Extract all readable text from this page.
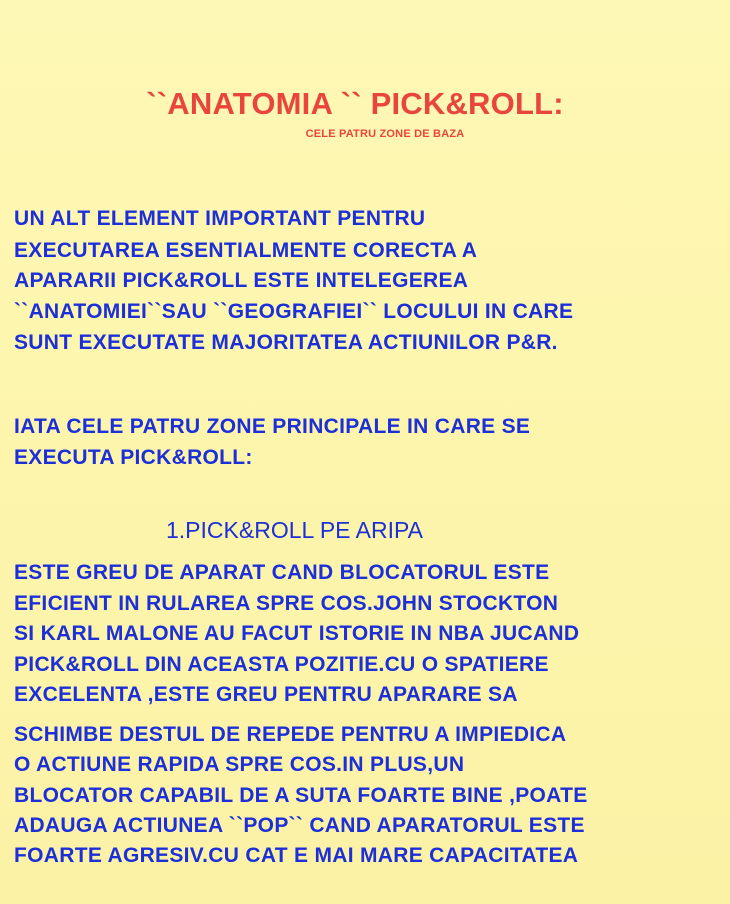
``ANATOMIA `` PICK&ROLL:
CELE PATRU ZONE DE BAZA

UN ALT ELEMENT IMPORTANT PENTRU

EXECUTAREA ESENTIALMENTE CORECTA A

APARARII PICK&ROLL ESTE INTELEGEREA

``ANATOMIEI``SAU ``GEOGRAFIEI`` LOCULUI IN CARE

SUNT EXECUTATE MAJORITATEA ACTIUNILOR P&R.

IATA CELE PATRU ZONE PRINCIPALE IN CARE SE

EXECUTA PICK&ROLL:

1.PICK&ROLL PE ARIPA

ESTE GREU DE APARAT CAND BLOCATORUL ESTE

EFICIENT IN RULAREA SPRE COS.JOHN STOCKTON

SI KARL MALONE AU FACUT ISTORIE IN NBA JUCAND

PICK&ROLL DIN ACEASTA POZITIE.CU O SPATIERE

EXCELENTA ,ESTE GREU PENTRU APARARE SA

SCHIMBE DESTUL DE REPEDE PENTRU A IMPIEDICA

O ACTIUNE RAPIDA SPRE COS.IN PLUS,UN

BLOCATOR CAPABIL DE A SUTA FOARTE BINE ,POATE

ADAUGA ACTIUNEA ``POP`` CAND APARATORUL ESTE

FOARTE AGRESIV.CU CAT E MAI MARE CAPACITATEA
